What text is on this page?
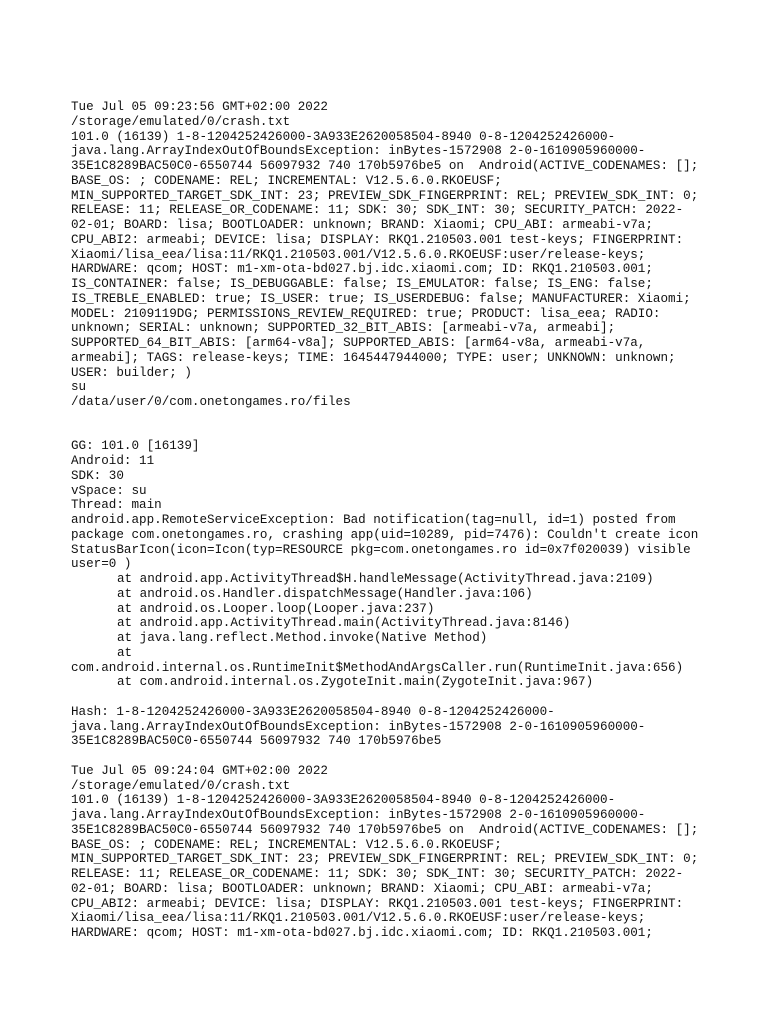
Tue Jul 05 09:23:56 GMT+02:00 2022
/storage/emulated/0/crash.txt
101.0 (16139) 1-8-1204252426000-3A933E2620058504-8940 0-8-1204252426000-
java.lang.ArrayIndexOutOfBoundsException: inBytes-1572908 2-0-1610905960000-
35E1C8289BAC50C0-6550744 56097932 740 170b5976be5 on  Android(ACTIVE_CODENAMES: [];
BASE_OS: ; CODENAME: REL; INCREMENTAL: V12.5.6.0.RKOEUSF;
MIN_SUPPORTED_TARGET_SDK_INT: 23; PREVIEW_SDK_FINGERPRINT: REL; PREVIEW_SDK_INT: 0;
RELEASE: 11; RELEASE_OR_CODENAME: 11; SDK: 30; SDK_INT: 30; SECURITY_PATCH: 2022-
02-01; BOARD: lisa; BOOTLOADER: unknown; BRAND: Xiaomi; CPU_ABI: armeabi-v7a;
CPU_ABI2: armeabi; DEVICE: lisa; DISPLAY: RKQ1.210503.001 test-keys; FINGERPRINT:
Xiaomi/lisa_eea/lisa:11/RKQ1.210503.001/V12.5.6.0.RKOEUSF:user/release-keys;
HARDWARE: qcom; HOST: m1-xm-ota-bd027.bj.idc.xiaomi.com; ID: RKQ1.210503.001;
IS_CONTAINER: false; IS_DEBUGGABLE: false; IS_EMULATOR: false; IS_ENG: false;
IS_TREBLE_ENABLED: true; IS_USER: true; IS_USERDEBUG: false; MANUFACTURER: Xiaomi;
MODEL: 2109119DG; PERMISSIONS_REVIEW_REQUIRED: true; PRODUCT: lisa_eea; RADIO:
unknown; SERIAL: unknown; SUPPORTED_32_BIT_ABIS: [armeabi-v7a, armeabi];
SUPPORTED_64_BIT_ABIS: [arm64-v8a]; SUPPORTED_ABIS: [arm64-v8a, armeabi-v7a,
armeabi]; TAGS: release-keys; TIME: 1645447944000; TYPE: user; UNKNOWN: unknown;
USER: builder; )
su
/data/user/0/com.onetongames.ro/files
GG: 101.0 [16139]
Android: 11
SDK: 30
vSpace: su
Thread: main
android.app.RemoteServiceException: Bad notification(tag=null, id=1) posted from
package com.onetongames.ro, crashing app(uid=10289, pid=7476): Couldn't create icon
StatusBarIcon(icon=Icon(typ=RESOURCE pkg=com.onetongames.ro id=0x7f020039) visible
user=0 )
at android.app.ActivityThread$H.handleMessage(ActivityThread.java:2109)
at android.os.Handler.dispatchMessage(Handler.java:106)
at android.os.Looper.loop(Looper.java:237)
at android.app.ActivityThread.main(ActivityThread.java:8146)
at java.lang.reflect.Method.invoke(Native Method)
at
com.android.internal.os.RuntimeInit$MethodAndArgsCaller.run(RuntimeInit.java:656)
at com.android.internal.os.ZygoteInit.main(ZygoteInit.java:967)
Hash: 1-8-1204252426000-3A933E2620058504-8940 0-8-1204252426000-
java.lang.ArrayIndexOutOfBoundsException: inBytes-1572908 2-0-1610905960000-
35E1C8289BAC50C0-6550744 56097932 740 170b5976be5
Tue Jul 05 09:24:04 GMT+02:00 2022
/storage/emulated/0/crash.txt
101.0 (16139) 1-8-1204252426000-3A933E2620058504-8940 0-8-1204252426000-
java.lang.ArrayIndexOutOfBoundsException: inBytes-1572908 2-0-1610905960000-
35E1C8289BAC50C0-6550744 56097932 740 170b5976be5 on  Android(ACTIVE_CODENAMES: [];
BASE_OS: ; CODENAME: REL; INCREMENTAL: V12.5.6.0.RKOEUSF;
MIN_SUPPORTED_TARGET_SDK_INT: 23; PREVIEW_SDK_FINGERPRINT: REL; PREVIEW_SDK_INT: 0;
RELEASE: 11; RELEASE_OR_CODENAME: 11; SDK: 30; SDK_INT: 30; SECURITY_PATCH: 2022-
02-01; BOARD: lisa; BOOTLOADER: unknown; BRAND: Xiaomi; CPU_ABI: armeabi-v7a;
CPU_ABI2: armeabi; DEVICE: lisa; DISPLAY: RKQ1.210503.001 test-keys; FINGERPRINT:
Xiaomi/lisa_eea/lisa:11/RKQ1.210503.001/V12.5.6.0.RKOEUSF:user/release-keys;
HARDWARE: qcom; HOST: m1-xm-ota-bd027.bj.idc.xiaomi.com; ID: RKQ1.210503.001;
